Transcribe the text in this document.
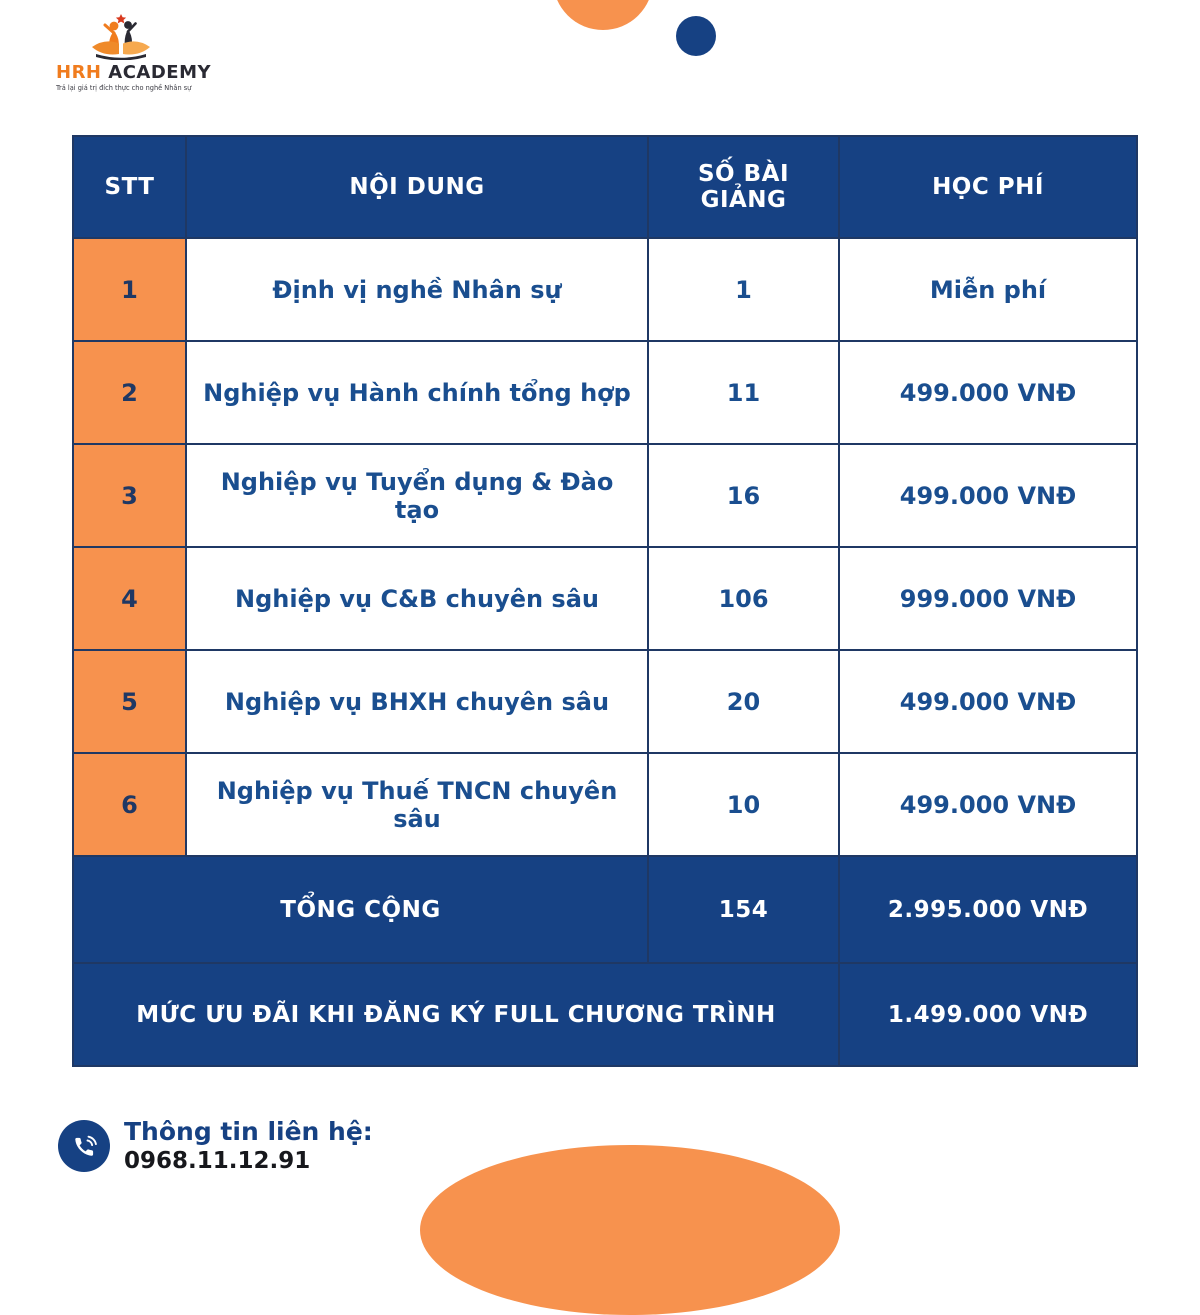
HRH ACADEMY
Trả lại giá trị đích thực cho nghề Nhân sự
STT	NỘI DUNG	SỐ BÀI GIẢNG	HỌC PHÍ
1	Định vị nghề Nhân sự	1	Miễn phí
2	Nghiệp vụ Hành chính tổng hợp	11	499.000 VNĐ
3	Nghiệp vụ Tuyển dụng & Đào tạo	16	499.000 VNĐ
4	Nghiệp vụ C&B chuyên sâu	106	999.000 VNĐ
5	Nghiệp vụ BHXH chuyên sâu	20	499.000 VNĐ
6	Nghiệp vụ Thuế TNCN chuyên sâu	10	499.000 VNĐ
TỔNG CỘNG	154	2.995.000 VNĐ
MỨC ƯU ĐÃI KHI ĐĂNG KÝ FULL CHƯƠNG TRÌNH	1.499.000 VNĐ
Thông tin liên hệ:
0968.11.12.91
